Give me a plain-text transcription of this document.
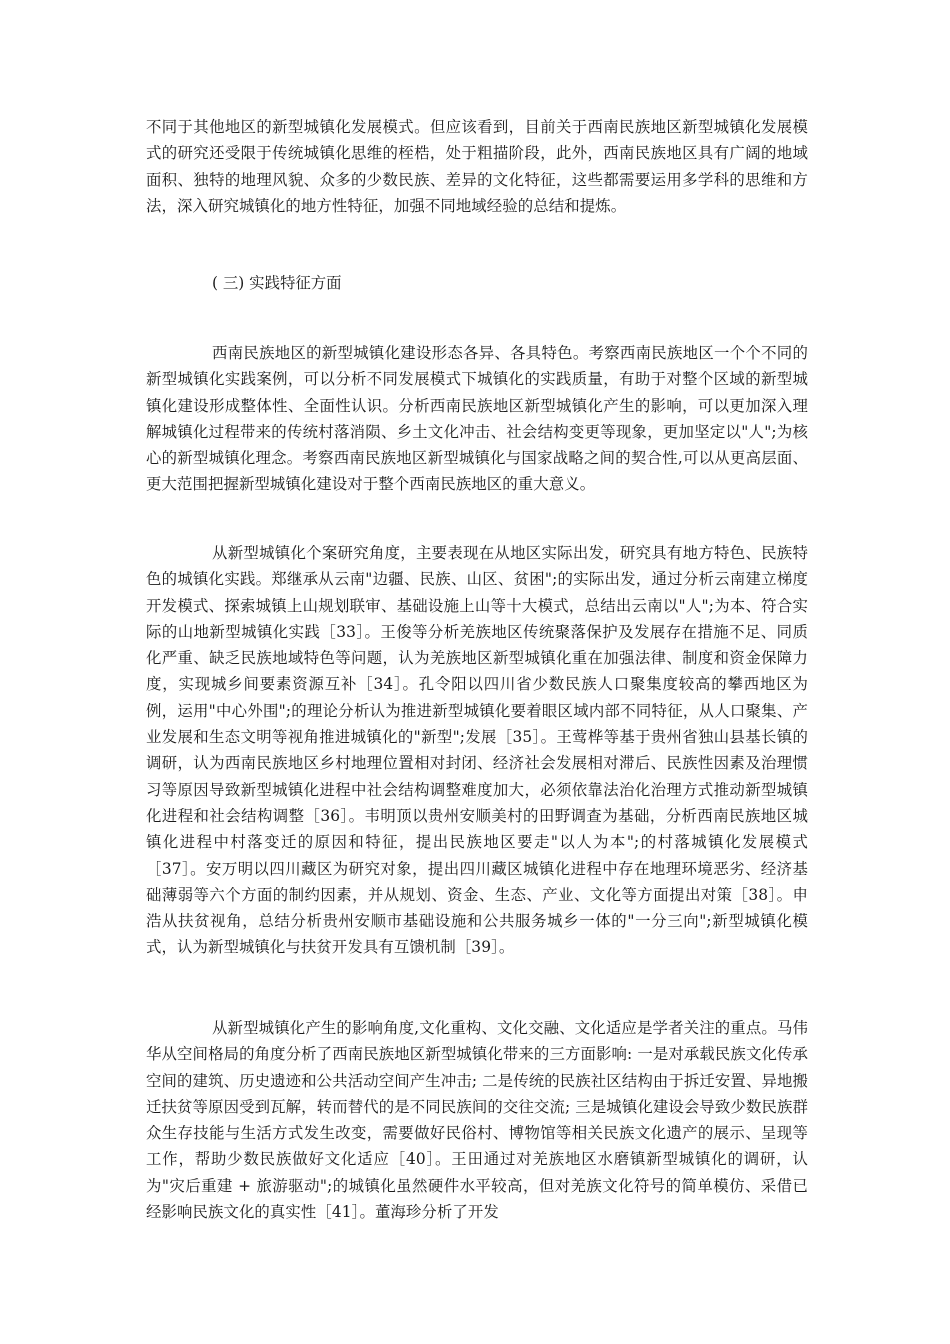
不同于其他地区的新型城镇化发展模式。但应该看到，目前关于西南民族地区新型城镇化发展模式的研究还受限于传统城镇化思维的桎梏，处于粗描阶段，此外，西南民族地区具有广阔的地域面积、独特的地理风貌、众多的少数民族、差异的文化特征，这些都需要运用多学科的思维和方法，深入研究城镇化的地方性特征，加强不同地域经验的总结和提炼。

( 三) 实践特征方面

西南民族地区的新型城镇化建设形态各异、各具特色。考察西南民族地区一个个不同的新型城镇化实践案例，可以分析不同发展模式下城镇化的实践质量，有助于对整个区域的新型城镇化建设形成整体性、全面性认识。分析西南民族地区新型城镇化产生的影响，可以更加深入理解城镇化过程带来的传统村落消陨、乡土文化冲击、社会结构变更等现象，更加坚定以"人";为核心的新型城镇化理念。考察西南民族地区新型城镇化与国家战略之间的契合性,可以从更高层面、更大范围把握新型城镇化建设对于整个西南民族地区的重大意义。

从新型城镇化个案研究角度，主要表现在从地区实际出发，研究具有地方特色、民族特色的城镇化实践。郑继承从云南"边疆、民族、山区、贫困";的实际出发，通过分析云南建立梯度开发模式、探索城镇上山规划联审、基础设施上山等十大模式，总结出云南以"人";为本、符合实际的山地新型城镇化实践［33］。王俊等分析羌族地区传统聚落保护及发展存在措施不足、同质化严重、缺乏民族地域特色等问题，认为羌族地区新型城镇化重在加强法律、制度和资金保障力度，实现城乡间要素资源互补［34］。孔令阳以四川省少数民族人口聚集度较高的攀西地区为例，运用"中心外围";的理论分析认为推进新型城镇化要着眼区域内部不同特征，从人口聚集、产业发展和生态文明等视角推进城镇化的"新型";发展［35］。王莺桦等基于贵州省独山县基长镇的调研，认为西南民族地区乡村地理位置相对封闭、经济社会发展相对滞后、民族性因素及治理惯习等原因导致新型城镇化进程中社会结构调整难度加大，必须依靠法治化治理方式推动新型城镇化进程和社会结构调整［36］。韦明顶以贵州安顺美村的田野调查为基础，分析西南民族地区城镇化进程中村落变迁的原因和特征，提出民族地区要走"以人为本";的村落城镇化发展模式［37］。安万明以四川藏区为研究对象，提出四川藏区城镇化进程中存在地理环境恶劣、经济基础薄弱等六个方面的制约因素，并从规划、资金、生态、产业、文化等方面提出对策［38］。申浩从扶贫视角，总结分析贵州安顺市基础设施和公共服务城乡一体的"一分三向";新型城镇化模式，认为新型城镇化与扶贫开发具有互馈机制［39］。

从新型城镇化产生的影响角度,文化重构、文化交融、文化适应是学者关注的重点。马伟华从空间格局的角度分析了西南民族地区新型城镇化带来的三方面影响: 一是对承载民族文化传承空间的建筑、历史遗迹和公共活动空间产生冲击; 二是传统的民族社区结构由于拆迁安置、异地搬迁扶贫等原因受到瓦解，转而替代的是不同民族间的交往交流; 三是城镇化建设会导致少数民族群众生存技能与生活方式发生改变，需要做好民俗村、博物馆等相关民族文化遗产的展示、呈现等工作，帮助少数民族做好文化适应［40］。王田通过对羌族地区水磨镇新型城镇化的调研，认为"灾后重建 + 旅游驱动";的城镇化虽然硬件水平较高，但对羌族文化符号的简单模仿、采借已经影响民族文化的真实性［41］。董海珍分析了开发
